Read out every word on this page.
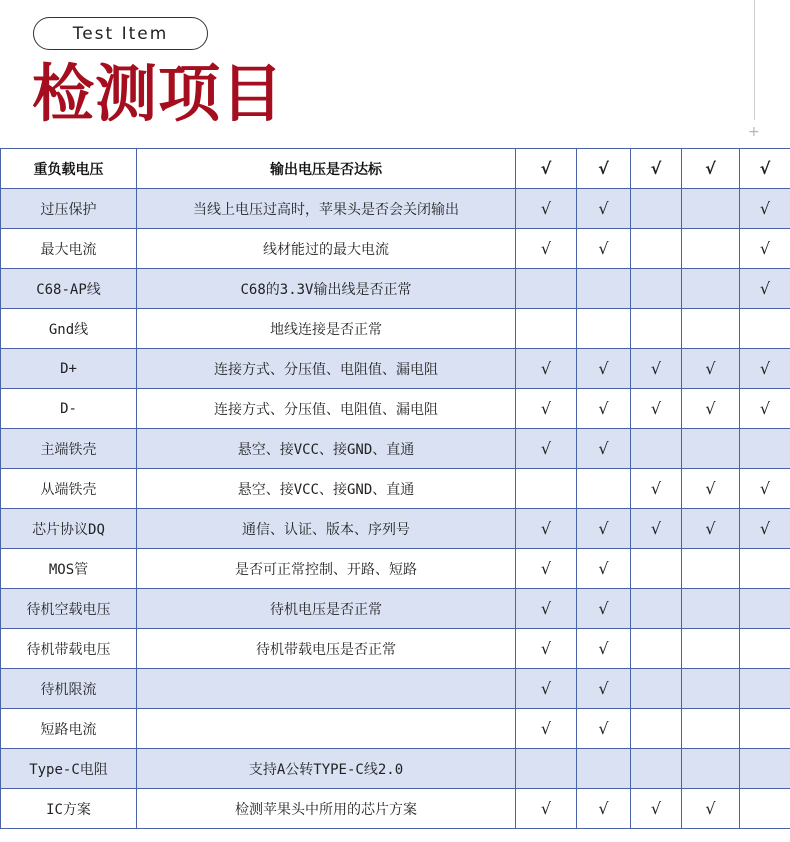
Test Item
检测项目
+
重负载电压	输出电压是否达标	√	√	√	√	√
过压保护	当线上电压过高时，苹果头是否会关闭输出	√	√			√
最大电流	线材能过的最大电流	√	√			√
C68-AP线	C68的3.3V输出线是否正常					√
Gnd线	地线连接是否正常					
D+	连接方式、分压值、电阻值、漏电阻	√	√	√	√	√
D-	连接方式、分压值、电阻值、漏电阻	√	√	√	√	√
主端铁壳	悬空、接VCC、接GND、直通	√	√			
从端铁壳	悬空、接VCC、接GND、直通			√	√	√
芯片协议DQ	通信、认证、版本、序列号	√	√	√	√	√
MOS管	是否可正常控制、开路、短路	√	√			
待机空载电压	待机电压是否正常	√	√			
待机带载电压	待机带载电压是否正常	√	√			
待机限流		√	√			
短路电流		√	√			
Type-C电阻	支持A公转TYPE-C线2.0					
IC方案	检测苹果头中所用的芯片方案	√	√	√	√	
